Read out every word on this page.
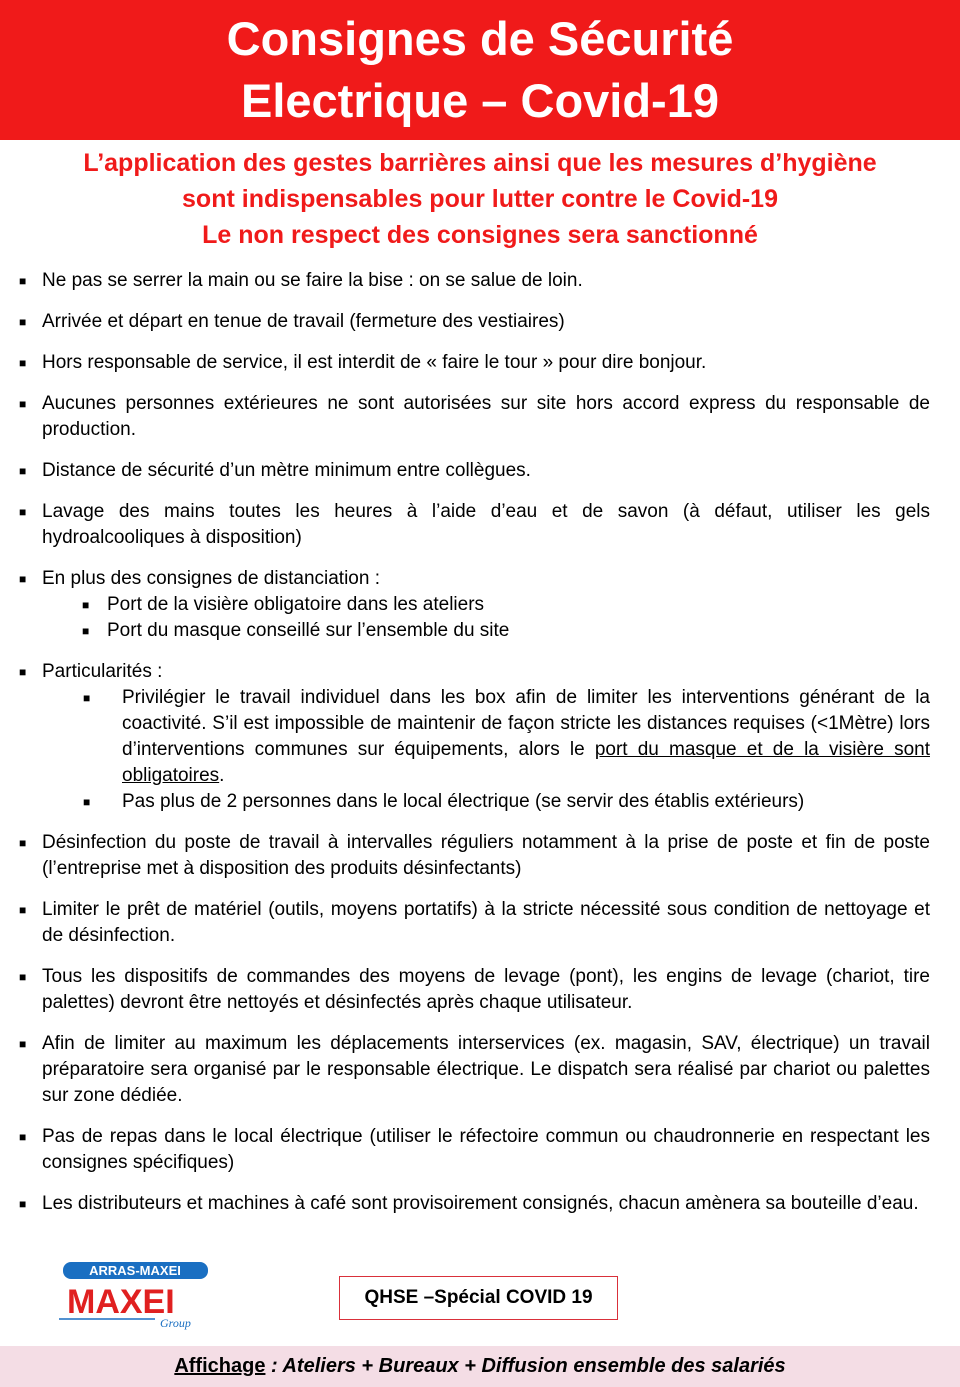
Consignes de Sécurité
Electrique – Covid-19
L’application des gestes barrières ainsi que les mesures d’hygiène
sont indispensables pour lutter contre le Covid-19
Le non respect des consignes sera sanctionné
■ Ne pas se serrer la main ou se faire la bise : on se salue de loin.
■ Arrivée et départ en tenue de travail (fermeture des vestiaires)
■ Hors responsable de service, il est interdit de « faire le tour » pour dire bonjour.
■ Aucunes personnes extérieures ne sont autorisées sur site hors accord express du responsable de production.
■ Distance de sécurité d’un mètre minimum entre collègues.
■ Lavage des mains toutes les heures à l’aide d’eau et de savon (à défaut, utiliser les gels hydroalcooliques à disposition)
■ En plus des consignes de distanciation :
■ Port de la visière obligatoire dans les ateliers
■ Port du masque conseillé sur l’ensemble du site
■ Particularités :
■ Privilégier le travail individuel dans les box afin de limiter les interventions générant de la coactivité. S’il est impossible de maintenir de façon stricte les distances requises (<1Mètre) lors d’interventions communes sur équipements, alors le port du masque et de la visière sont obligatoires.
■ Pas plus de 2 personnes dans le local électrique (se servir des établis extérieurs)
■ Désinfection du poste de travail à intervalles réguliers notamment à la prise de poste et fin de poste (l’entreprise met à disposition des produits désinfectants)
■ Limiter le prêt de matériel (outils, moyens portatifs) à la stricte nécessité sous condition de nettoyage et de désinfection.
■ Tous les dispositifs de commandes des moyens de levage (pont), les engins de levage (chariot, tire palettes) devront être nettoyés et désinfectés après chaque utilisateur.
■ Afin de limiter au maximum les déplacements interservices (ex. magasin, SAV, électrique) un travail préparatoire sera organisé par le responsable électrique. Le dispatch sera réalisé par chariot ou palettes sur zone dédiée.
■ Pas de repas dans le local électrique (utiliser le réfectoire commun ou chaudronnerie en respectant les consignes spécifiques)
■ Les distributeurs et machines à café sont provisoirement consignés, chacun amènera sa bouteille d’eau.
ARRAS-MAXEI
MAXEI
Group
QHSE –Spécial COVID 19
Affichage : Ateliers + Bureaux + Diffusion ensemble des salariés
